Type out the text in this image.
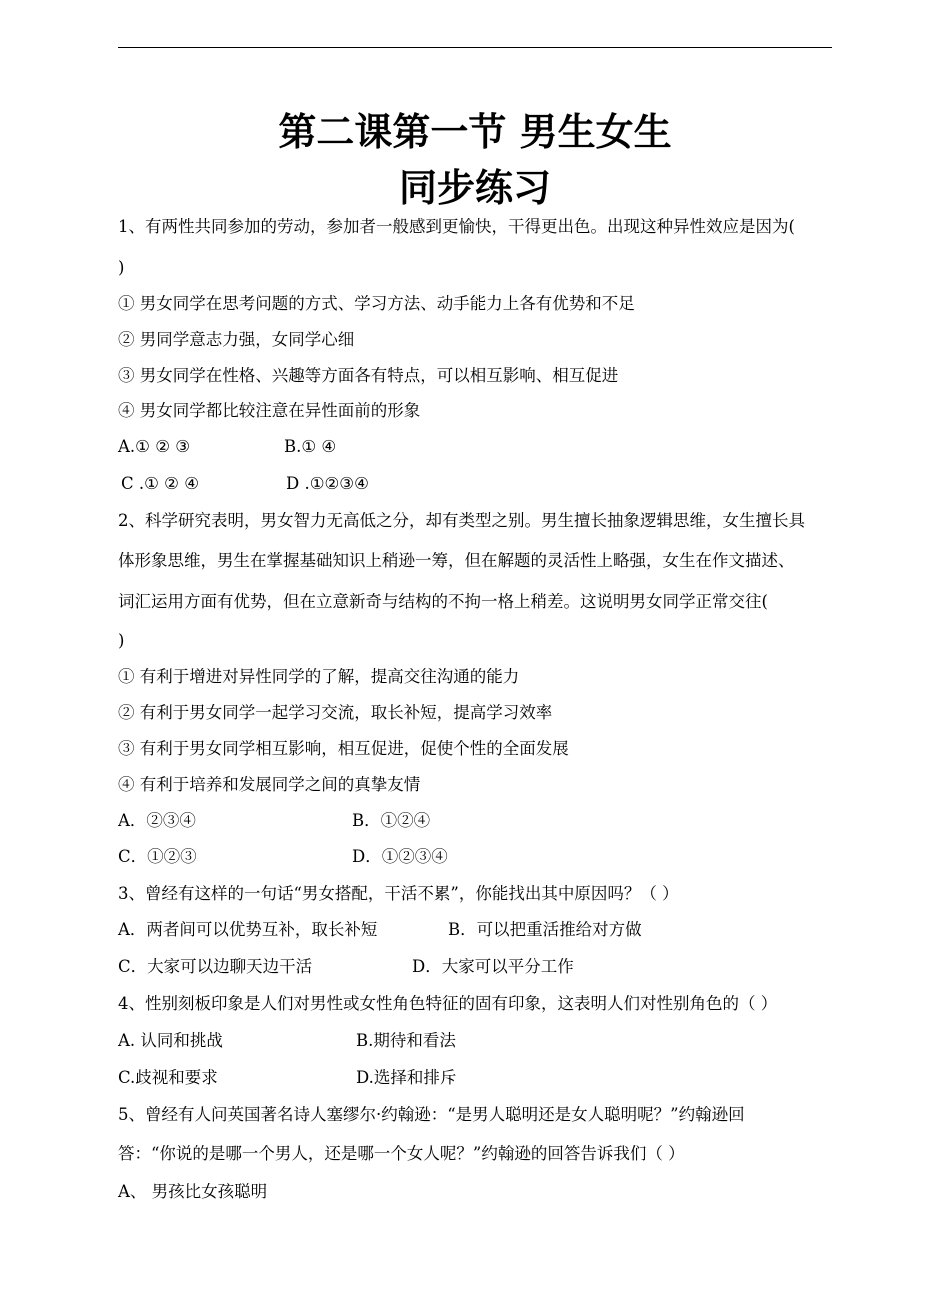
第二课第一节 男生女生
同步练习
1、有两性共同参加的劳动，参加者一般感到更愉快，干得更出色。出现这种异性效应是因为(
)
① 男女同学在思考问题的方式、学习方法、动手能力上各有优势和不足
② 男同学意志力强，女同学心细
③ 男女同学在性格、兴趣等方面各有特点，可以相互影响、相互促进
④ 男女同学都比较注意在异性面前的形象
A.① ② ③	B.① ④
C .① ② ④	D .①②③④
2、科学研究表明，男女智力无高低之分，却有类型之别。男生擅长抽象逻辑思维，女生擅长具
体形象思维，男生在掌握基础知识上稍逊一筹，但在解题的灵活性上略强，女生在作文描述、
词汇运用方面有优势，但在立意新奇与结构的不拘一格上稍差。这说明男女同学正常交往(
)
① 有利于增进对异性同学的了解，提高交往沟通的能力
② 有利于男女同学一起学习交流，取长补短，提高学习效率
③ 有利于男女同学相互影响，相互促进，促使个性的全面发展
④ 有利于培养和发展同学之间的真挚友情
A．②③④	B．①②④
C．①②③	D．①②③④
3、曾经有这样的一句话“男女搭配，干活不累”，你能找出其中原因吗？（ ）
A．两者间可以优势互补，取长补短	B．可以把重活推给对方做
C．大家可以边聊天边干活	D．大家可以平分工作
4、性别刻板印象是人们对男性或女性角色特征的固有印象，这表明人们对性别角色的（ ）
A. 认同和挑战	B.期待和看法
C.歧视和要求	D.选择和排斥
5、曾经有人问英国著名诗人塞缪尔·约翰逊：“是男人聪明还是女人聪明呢？”约翰逊回
答：“你说的是哪一个男人，还是哪一个女人呢？”约翰逊的回答告诉我们（ ）
A、 男孩比女孩聪明
